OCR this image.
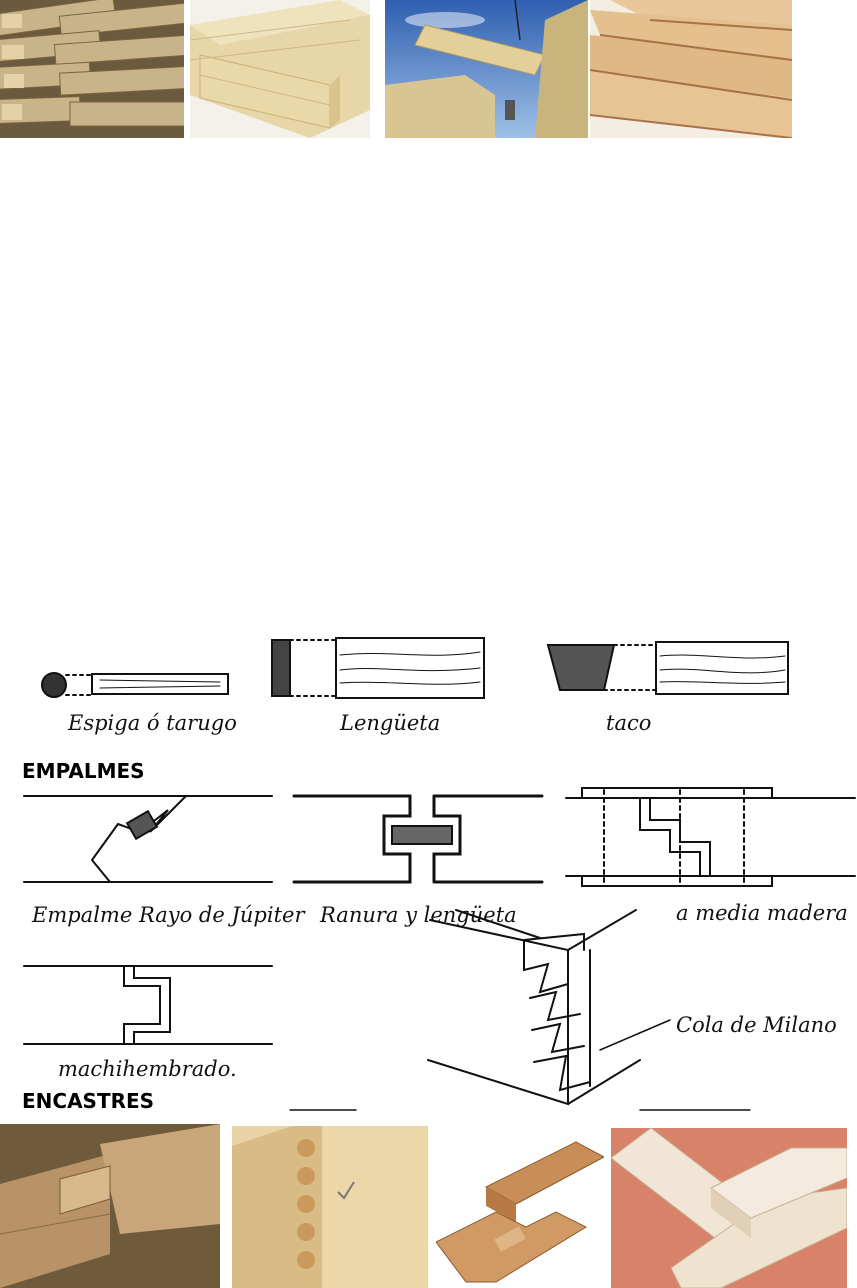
Espiga ó tarugo	Lengüeta	taco
EMPALMES
Empalme Rayo de Júpiter Ranura y lengüeta	a media madera
machihembrado.
Cola de Milano
ENCASTRES
